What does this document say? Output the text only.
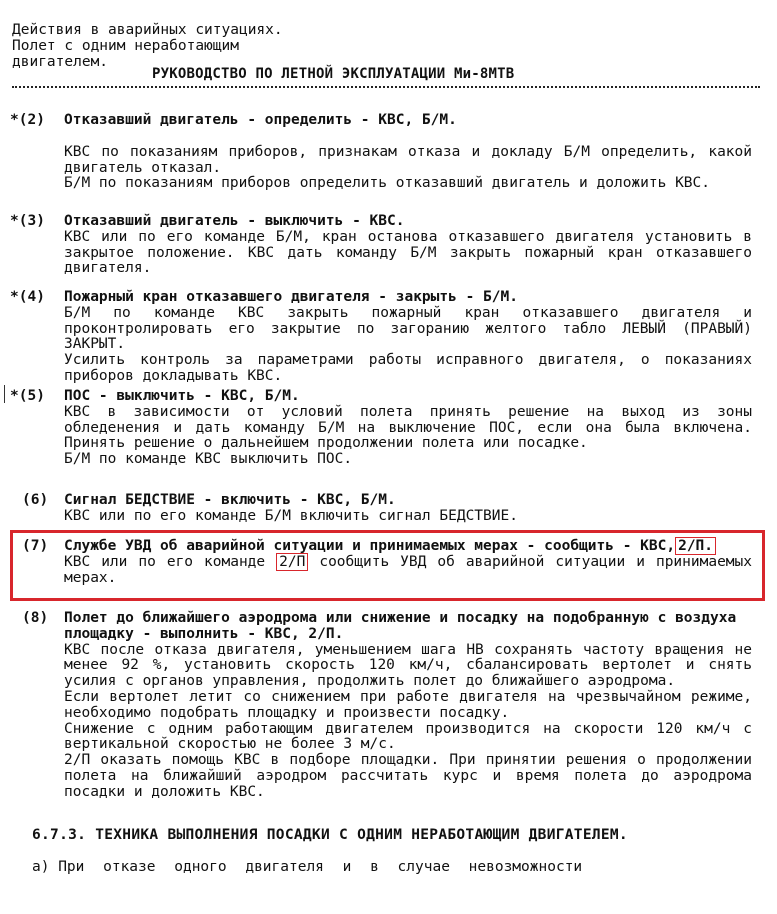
Действия в аварийных ситуациях.
Полет с одним неработающим
двигателем.
РУКОВОДСТВО ПО ЛЕТНОЙ ЭКСПЛУАТАЦИИ Ми-8МТВ
*(2) Отказавший двигатель - определить - КВС, Б/М.

КВС по показаниям приборов, признакам отказа и докладу Б/М определить, какой двигатель отказал.

Б/М по показаниям приборов определить отказавший двигатель и доложить КВС.

*(3) Отказавший двигатель - выключить - КВС.

КВС или по его команде Б/М, кран останова отказавшего двигателя установить в закрытое положение. КВС дать команду Б/М закрыть пожарный кран отказавшего двигателя.

*(4) Пожарный кран отказавшего двигателя - закрыть - Б/М.

Б/М по команде КВС закрыть пожарный кран отказавшего двигателя и проконтролировать его закрытие по загоранию желтого табло ЛЕВЫЙ (ПРАВЫЙ) ЗАКРЫТ.

Усилить контроль за параметрами работы исправного двигателя, о показаниях приборов докладывать КВС.

*(5) ПОС - выключить - КВС, Б/М.

КВС в зависимости от условий полета принять решение на выход из зоны обледенения и дать команду Б/М на выключение ПОС, если она была включена. Принять решение о дальнейшем продолжении полета или посадке.

Б/М по команде КВС выключить ПОС.

(6) Сигнал БЕДСТВИЕ - включить - КВС, Б/М.

КВС или по его команде Б/М включить сигнал БЕДСТВИЕ.

(7) Службе УВД об аварийной ситуации и принимаемых мерах - сообщить - КВС, 2/П.

КВС или по его команде 2/П сообщить УВД об аварийной ситуации и принимаемых мерах.

(8) Полет до ближайшего аэродрома или снижение и посадку на подобранную с воздуха площадку - выполнить - КВС, 2/П.

КВС после отказа двигателя, уменьшением шага НВ сохранять частоту вращения не менее 92 %, установить скорость 120 км/ч, сбалансировать вертолет и снять усилия с органов управления, продолжить полет до ближайшего аэродрома.

Если вертолет летит со снижением при работе двигателя на чрезвычайном режиме, необходимо подобрать площадку и произвести посадку.

Снижение с одним работающим двигателем производится на скорости 120 км/ч с вертикальной скоростью не более 3 м/с.

2/П оказать помощь КВС в подборе площадки. При принятии решения о продолжении полета на ближайший аэродром рассчитать курс и время полета до аэродрома посадки и доложить КВС.

6.7.3. ТЕХНИКА ВЫПОЛНЕНИЯ ПОСАДКИ С ОДНИМ НЕРАБОТАЮЩИМ ДВИГАТЕЛЕМ.
а) При отказе одного двигателя и в случае невозможности
